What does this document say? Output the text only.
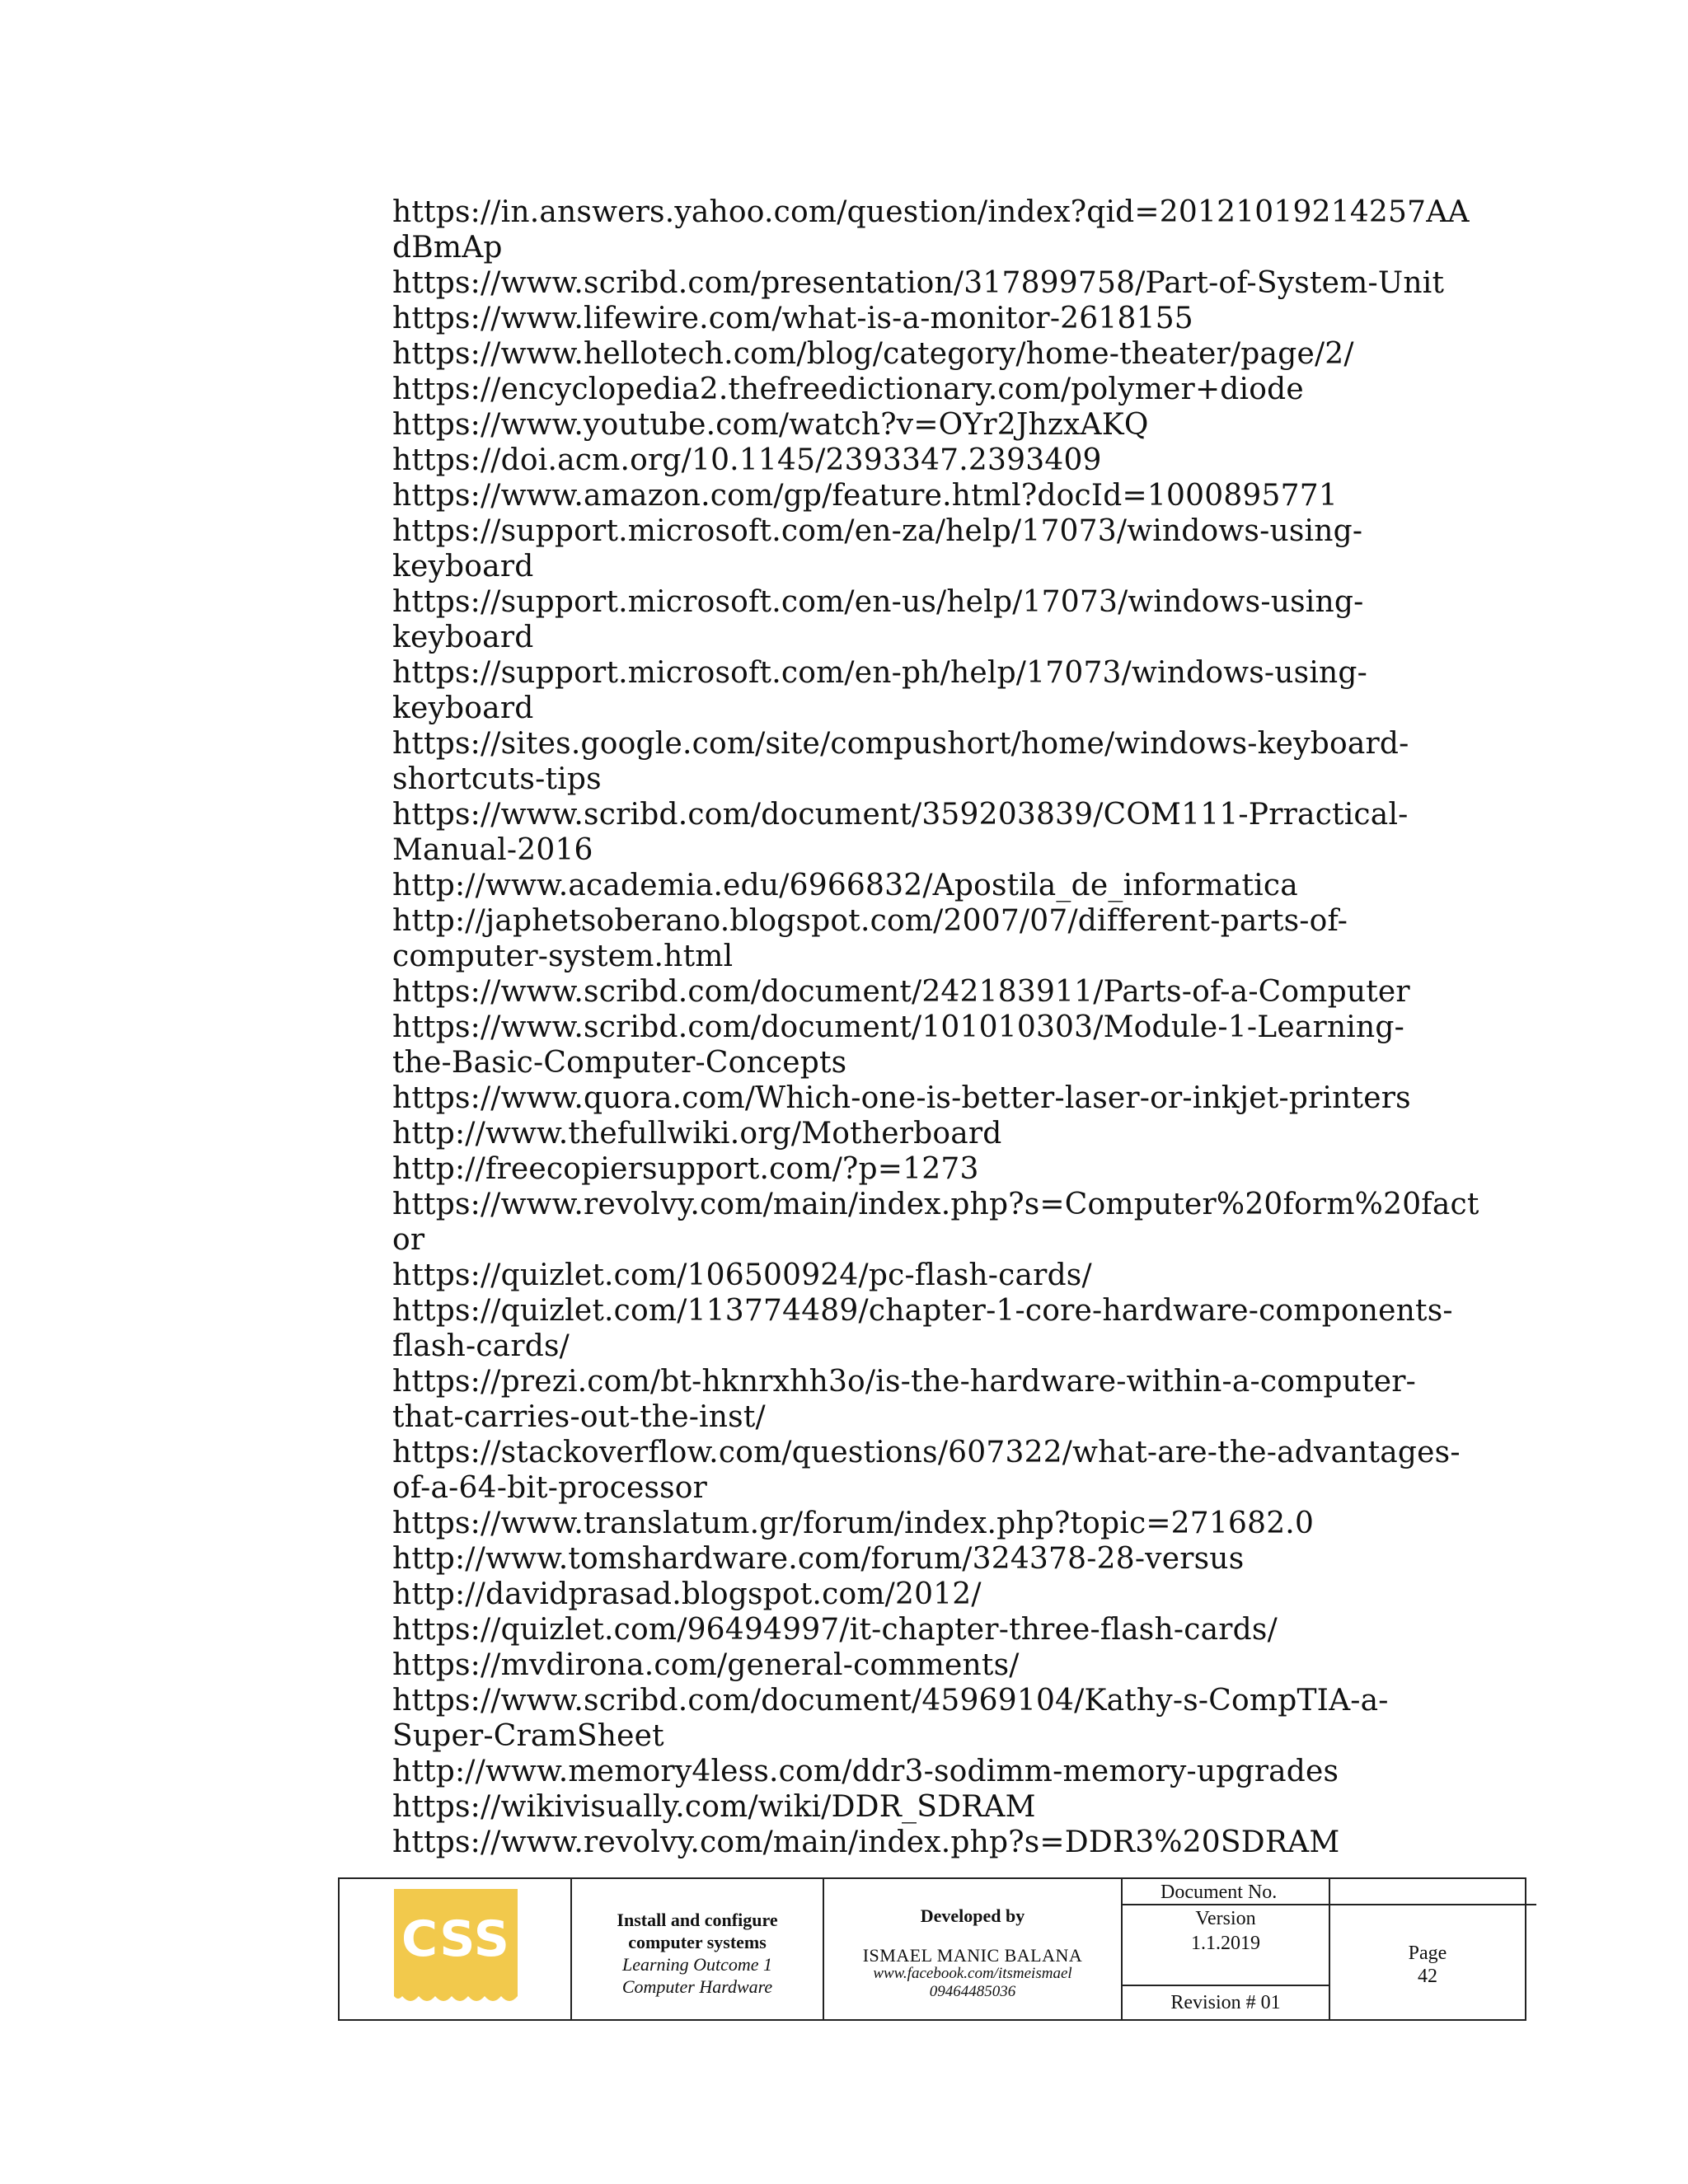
https://in.answers.yahoo.com/question/index?qid=20121019214257AA
dBmAp
https://www.scribd.com/presentation/317899758/Part-of-System-Unit
https://www.lifewire.com/what-is-a-monitor-2618155
https://www.hellotech.com/blog/category/home-theater/page/2/
https://encyclopedia2.thefreedictionary.com/polymer+diode
https://www.youtube.com/watch?v=OYr2JhzxAKQ
https://doi.acm.org/10.1145/2393347.2393409
https://www.amazon.com/gp/feature.html?docId=1000895771
https://support.microsoft.com/en-za/help/17073/windows-using-
keyboard
https://support.microsoft.com/en-us/help/17073/windows-using-
keyboard
https://support.microsoft.com/en-ph/help/17073/windows-using-
keyboard
https://sites.google.com/site/compushort/home/windows-keyboard-
shortcuts-tips
https://www.scribd.com/document/359203839/COM111-Prractical-
Manual-2016
http://www.academia.edu/6966832/Apostila_de_informatica
http://japhetsoberano.blogspot.com/2007/07/different-parts-of-
computer-system.html
https://www.scribd.com/document/242183911/Parts-of-a-Computer
https://www.scribd.com/document/101010303/Module-1-Learning-
the-Basic-Computer-Concepts
https://www.quora.com/Which-one-is-better-laser-or-inkjet-printers
http://www.thefullwiki.org/Motherboard
http://freecopiersupport.com/?p=1273
https://www.revolvy.com/main/index.php?s=Computer%20form%20fact
or
https://quizlet.com/106500924/pc-flash-cards/
https://quizlet.com/113774489/chapter-1-core-hardware-components-
flash-cards/
https://prezi.com/bt-hknrxhh3o/is-the-hardware-within-a-computer-
that-carries-out-the-inst/
https://stackoverflow.com/questions/607322/what-are-the-advantages-
of-a-64-bit-processor
https://www.translatum.gr/forum/index.php?topic=271682.0
http://www.tomshardware.com/forum/324378-28-versus
http://davidprasad.blogspot.com/2012/
https://quizlet.com/96494997/it-chapter-three-flash-cards/
https://mvdirona.com/general-comments/
https://www.scribd.com/document/45969104/Kathy-s-CompTIA-a-
Super-CramSheet
http://www.memory4less.com/ddr3-sodimm-memory-upgrades
https://wikivisually.com/wiki/DDR_SDRAM
https://www.revolvy.com/main/index.php?s=DDR3%20SDRAM
CSS	Install and configure
computer systems
Learning Outcome 1
Computer Hardware
Developed by
ISMAEL MANIC BALANA
www.facebook.com/itsmeismael
09464485036
Document No.
Version
1.1.2019
Revision # 01
Page
42
